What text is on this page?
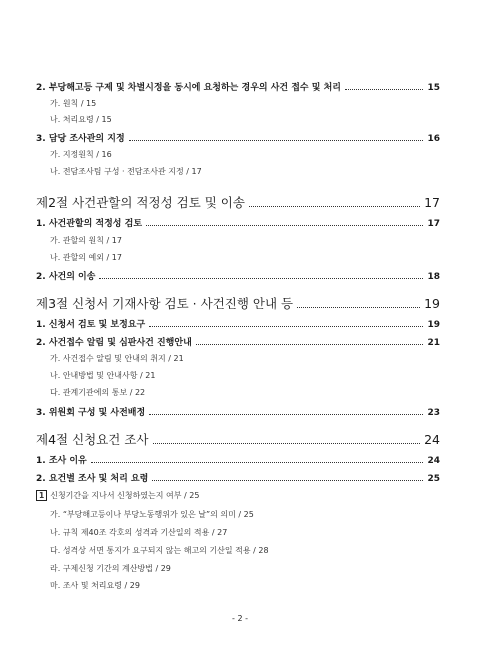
2. 부당해고등 구제 및 차별시정을 동시에 요청하는 경우의 사건 접수 및 처리	15
가. 원칙 / 15
나. 처리요령 / 15
3. 담당 조사관의 지정	16
가. 지정원칙 / 16
나. 전담조사팀 구성 · 전담조사관 지정 / 17
제2절 사건관할의 적정성 검토 및 이송	17
1. 사건관할의 적정성 검토	17
가. 관할의 원칙 / 17
나. 관할의 예외 / 17
2. 사건의 이송	18
제3절 신청서 기재사항 검토 · 사건진행 안내 등	19
1. 신청서 검토 및 보정요구	19
2. 사건접수 알림 및 심판사건 진행안내	21
가. 사건접수 알림 및 안내의 취지 / 21
나. 안내방법 및 안내사항 / 21
다. 관계기관에의 통보 / 22
3. 위원회 구성 및 사전배정	23
제4절 신청요건 조사	24
1. 조사 이유	24
2. 요건별 조사 및 처리 요령	25
1 신청기간을 지나서 신청하였는지 여부 / 25
가. “부당해고등이나 부당노동행위가 있은 날”의 의미 / 25
나. 규칙 제40조 각호의 성격과 기산일의 적용 / 27
다. 성격상 서면 통지가 요구되지 않는 해고의 기산일 적용 / 28
라. 구제신청 기간의 계산방법 / 29
마. 조사 및 처리요령 / 29
- 2 -
